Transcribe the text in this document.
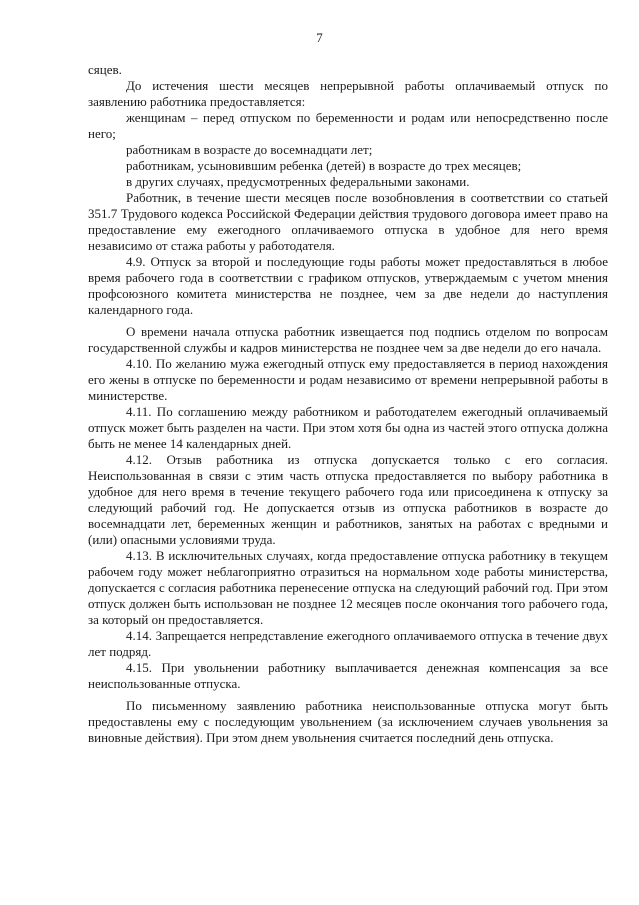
7

сяцев.

До истечения шести месяцев непрерывной работы оплачиваемый отпуск по заявлению работника предоставляется:

женщинам – перед отпуском по беременности и родам или непосредственно после него;

работникам в возрасте до восемнадцати лет;

работникам, усыновившим ребенка (детей) в возрасте до трех месяцев;

в других случаях, предусмотренных федеральными законами.

Работник, в течение шести месяцев после возобновления в соответствии со статьей 351.7 Трудового кодекса Российской Федерации действия трудового договора имеет право на предоставление ему ежегодного оплачиваемого отпуска в удобное для него время независимо от стажа работы у работодателя.

4.9. Отпуск за второй и последующие годы работы может предоставляться в любое время рабочего года в соответствии с графиком отпусков, утверждаемым с учетом мнения профсоюзного комитета министерства не позднее, чем за две недели до наступления календарного года.

О времени начала отпуска работник извещается под подпись отделом по вопросам государственной службы и кадров министерства не позднее чем за две недели до его начала.

4.10. По желанию мужа ежегодный отпуск ему предоставляется в период нахождения его жены в отпуске по беременности и родам независимо от времени непрерывной работы в министерстве.

4.11. По соглашению между работником и работодателем ежегодный оплачиваемый отпуск может быть разделен на части. При этом хотя бы одна из частей этого отпуска должна быть не менее 14 календарных дней.

4.12. Отзыв работника из отпуска допускается только с его согласия. Неиспользованная в связи с этим часть отпуска предоставляется по выбору работника в удобное для него время в течение текущего рабочего года или присоединена к отпуску за следующий рабочий год. Не допускается отзыв из отпуска работников в возрасте до восемнадцати лет, беременных женщин и работников, занятых на работах с вредными и (или) опасными условиями труда.

4.13. В исключительных случаях, когда предоставление отпуска работнику в текущем рабочем году может неблагоприятно отразиться на нормальном ходе работы министерства, допускается с согласия работника перенесение отпуска на следующий рабочий год. При этом отпуск должен быть использован не позднее 12 месяцев после окончания того рабочего года, за который он предоставляется.

4.14. Запрещается непредставление ежегодного оплачиваемого отпуска в течение двух лет подряд.

4.15. При увольнении работнику выплачивается денежная компенсация за все неиспользованные отпуска.

По письменному заявлению работника неиспользованные отпуска могут быть предоставлены ему с последующим увольнением (за исключением случаев увольнения за виновные действия). При этом днем увольнения считается последний день отпуска.
